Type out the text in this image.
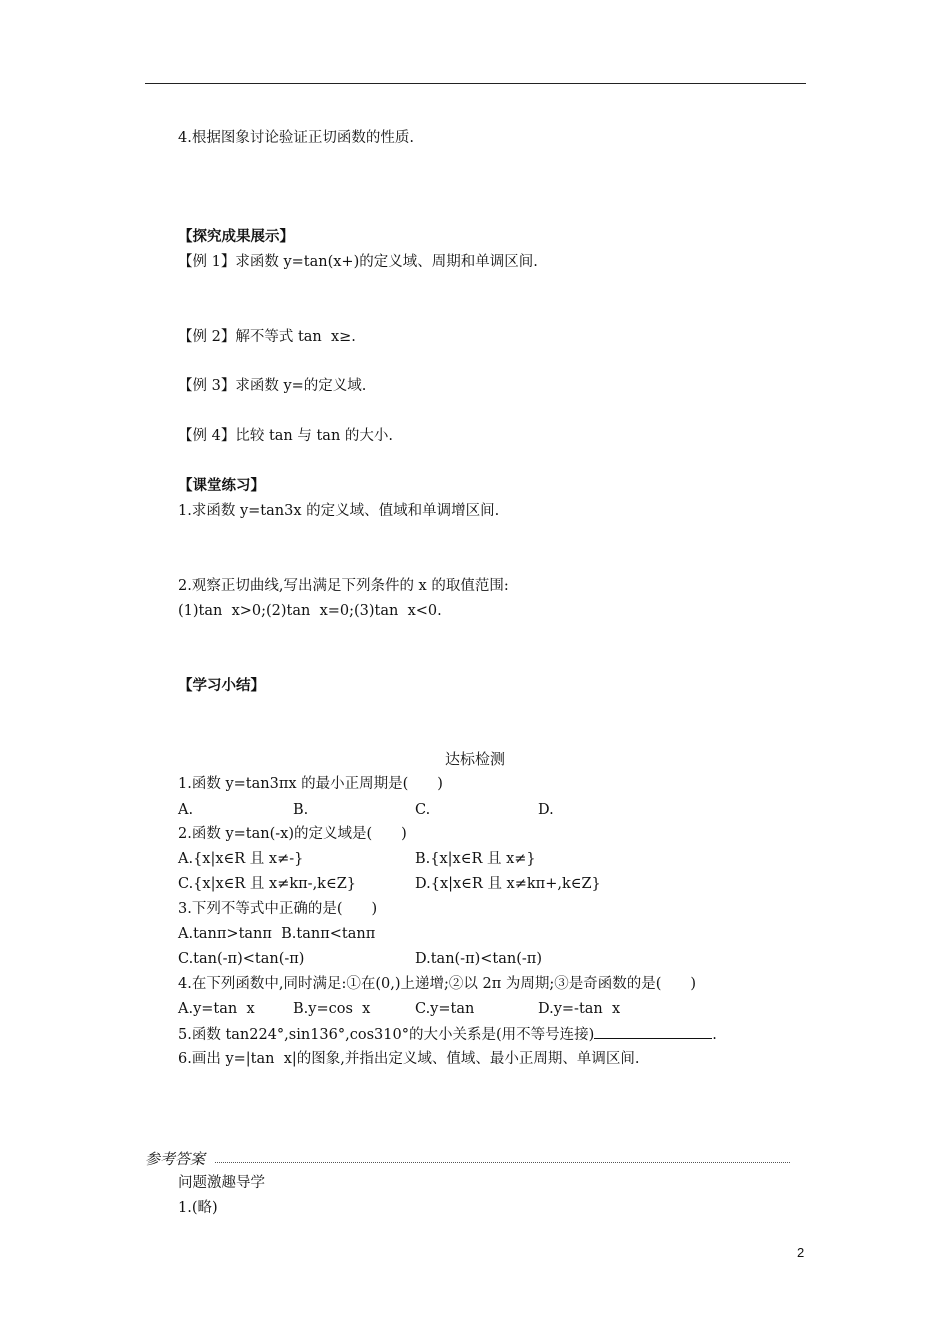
4.根据图象讨论验证正切函数的性质.
【探究成果展示】
【例 1】求函数 y=tan(x+)的定义域、周期和单调区间.
【例 2】解不等式 tan  x≥.
【例 3】求函数 y=的定义域.
【例 4】比较 tan 与 tan 的大小.
【课堂练习】
1.求函数 y=tan3x 的定义域、值域和单调增区间.
2.观察正切曲线,写出满足下列条件的 x 的取值范围:
(1)tan  x>0;(2)tan  x=0;(3)tan  x<0.
【学习小结】
达标检测
1.函数 y=tan3πx 的最小正周期是(　　)
A.	B.	C.	D.
2.函数 y=tan(-x)的定义域是(　　)
A.{x|x∈R 且 x≠-}	B.{x|x∈R 且 x≠}
C.{x|x∈R 且 x≠kπ-,k∈Z}	D.{x|x∈R 且 x≠kπ+,k∈Z}
3.下列不等式中正确的是(　　)
A.tanπ>tanπ  B.tanπ<tanπ
C.tan(-π)<tan(-π)	D.tan(-π)<tan(-π)
4.在下列函数中,同时满足:①在(0,)上递增;②以 2π 为周期;③是奇函数的是(　　)
A.y=tan  x	B.y=cos  x	C.y=tan	D.y=-tan  x
5.函数 tan224°,sin136°,cos310°的大小关系是(用不等号连接)	.
6.画出 y=|tan  x|的图象,并指出定义域、值域、最小正周期、单调区间.
参考答案
问题激趣导学
1.(略)
2
